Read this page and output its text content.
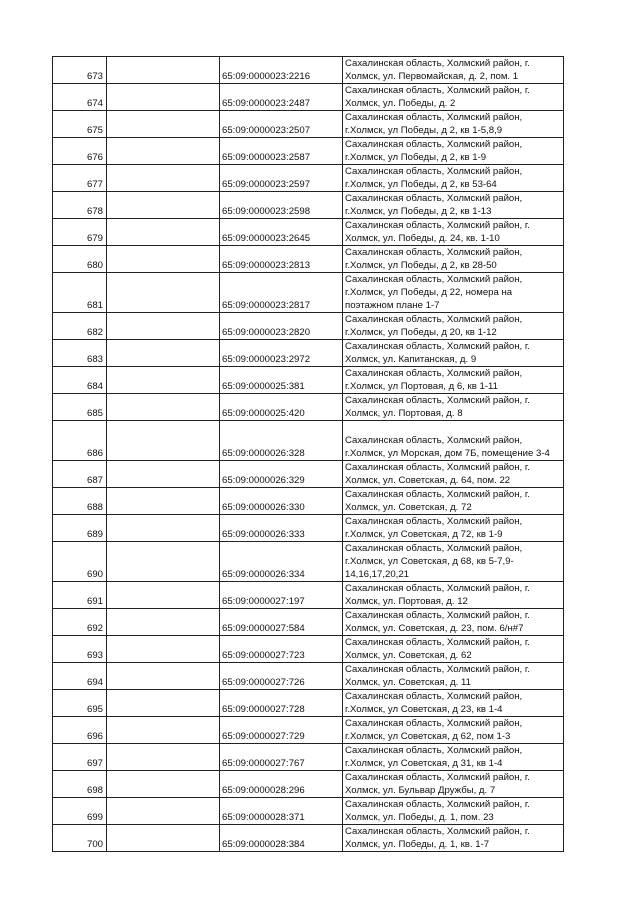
673		65:09:0000023:2216	Сахалинская область, Холмский район, г.
Холмск, ул. Первомайская, д. 2, пом. 1

674		65:09:0000023:2487	Сахалинская область, Холмский район, г.
Холмск, ул. Победы, д. 2

675		65:09:0000023:2507	Сахалинская область, Холмский район,
г.Холмск, ул Победы, д 2, кв 1-5,8,9

676		65:09:0000023:2587	Сахалинская область, Холмский район,
г.Холмск, ул Победы, д 2, кв 1-9

677		65:09:0000023:2597	Сахалинская область, Холмский район,
г.Холмск, ул Победы, д 2, кв 53-64

678		65:09:0000023:2598	Сахалинская область, Холмский район,
г.Холмск, ул Победы, д 2, кв 1-13

679		65:09:0000023:2645	Сахалинская область, Холмский район, г.
Холмск, ул. Победы, д. 24, кв. 1-10

680		65:09:0000023:2813	Сахалинская область, Холмский район,
г.Холмск, ул Победы, д 2, кв 28-50

681		65:09:0000023:2817	Сахалинская область, Холмский район,
г.Холмск, ул Победы, д 22, номера на
поэтажном плане 1-7

682		65:09:0000023:2820	Сахалинская область, Холмский район,
г.Холмск, ул Победы, д 20, кв 1-12

683		65:09:0000023:2972	Сахалинская область, Холмский район, г.
Холмск, ул. Капитанская, д. 9

684		65:09:0000025:381	Сахалинская область, Холмский район,
г.Холмск, ул Портовая, д 6, кв 1-11

685		65:09:0000025:420	Сахалинская область, Холмский район, г.
Холмск, ул. Портовая, д. 8

686		65:09:0000026:328	Сахалинская область, Холмский район,
г.Холмск, ул Морская, дом 7Б, помещение 3-4

687		65:09:0000026:329	Сахалинская область, Холмский район, г.
Холмск, ул. Советская, д. 64, пом. 22

688		65:09:0000026:330	Сахалинская область, Холмский район, г.
Холмск, ул. Советская, д. 72

689		65:09:0000026:333	Сахалинская область, Холмский район,
г.Холмск, ул Советская, д 72, кв 1-9

690		65:09:0000026:334	Сахалинская область, Холмский район,
г.Холмск, ул Советская, д 68, кв 5-7,9-
14,16,17,20,21

691		65:09:0000027:197	Сахалинская область, Холмский район, г.
Холмск, ул. Портовая, д. 12

692		65:09:0000027:584	Сахалинская область, Холмский район, г.
Холмск, ул. Советская, д. 23, пом. 6/н#7

693		65:09:0000027:723	Сахалинская область, Холмский район, г.
Холмск, ул. Советская, д. 62

694		65:09:0000027:726	Сахалинская область, Холмский район, г.
Холмск, ул. Советская, д. 11

695		65:09:0000027:728	Сахалинская область, Холмский район,
г.Холмск, ул Советская, д 23, кв 1-4

696		65:09:0000027:729	Сахалинская область, Холмский район,
г.Холмск, ул Советская, д 62, пом 1-3

697		65:09:0000027:767	Сахалинская область, Холмский район,
г.Холмск, ул Советская, д 31, кв 1-4

698		65:09:0000028:296	Сахалинская область, Холмский район, г.
Холмск, ул. Бульвар Дружбы, д. 7

699		65:09:0000028:371	Сахалинская область, Холмский район, г.
Холмск, ул. Победы, д. 1, пом. 23

700		65:09:0000028:384	Сахалинская область, Холмский район, г.
Холмск, ул. Победы, д. 1, кв. 1-7
